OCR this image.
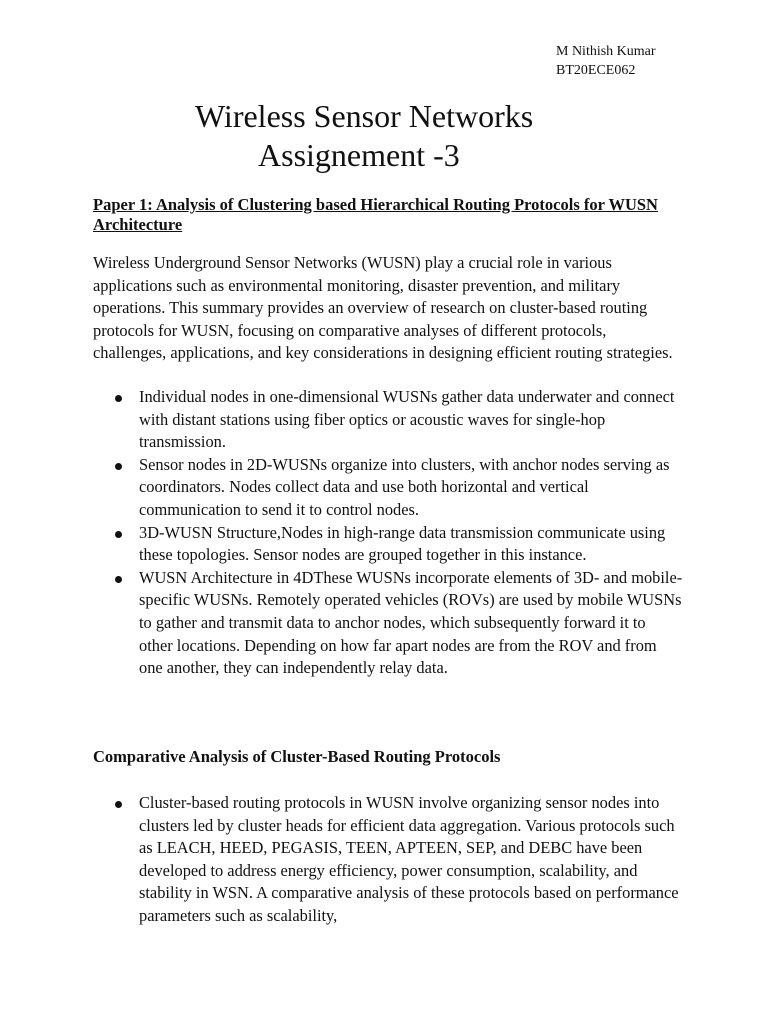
M Nithish Kumar
BT20ECE062
Wireless Sensor Networks
Assignement -3
Paper 1: Analysis of Clustering based Hierarchical Routing Protocols for WUSN Architecture
Wireless Underground Sensor Networks (WUSN) play a crucial role in various applications such as environmental monitoring, disaster prevention, and military operations. This summary provides an overview of research on cluster-based routing protocols for WUSN, focusing on comparative analyses of different protocols, challenges, applications, and key considerations in designing efficient routing strategies.
Individual nodes in one-dimensional WUSNs gather data underwater and connect with distant stations using fiber optics or acoustic waves for single-hop transmission.
Sensor nodes in 2D-WUSNs organize into clusters, with anchor nodes serving as coordinators. Nodes collect data and use both horizontal and vertical communication to send it to control nodes.
3D-WUSN Structure,Nodes in high-range data transmission communicate using these topologies. Sensor nodes are grouped together in this instance.
WUSN Architecture in 4DThese WUSNs incorporate elements of 3D- and mobile-specific WUSNs. Remotely operated vehicles (ROVs) are used by mobile WUSNs to gather and transmit data to anchor nodes, which subsequently forward it to other locations. Depending on how far apart nodes are from the ROV and from one another, they can independently relay data.
Comparative Analysis of Cluster-Based Routing Protocols
Cluster-based routing protocols in WUSN involve organizing sensor nodes into clusters led by cluster heads for efficient data aggregation. Various protocols such as LEACH, HEED, PEGASIS, TEEN, APTEEN, SEP, and DEBC have been developed to address energy efficiency, power consumption, scalability, and stability in WSN. A comparative analysis of these protocols based on performance parameters such as scalability,
